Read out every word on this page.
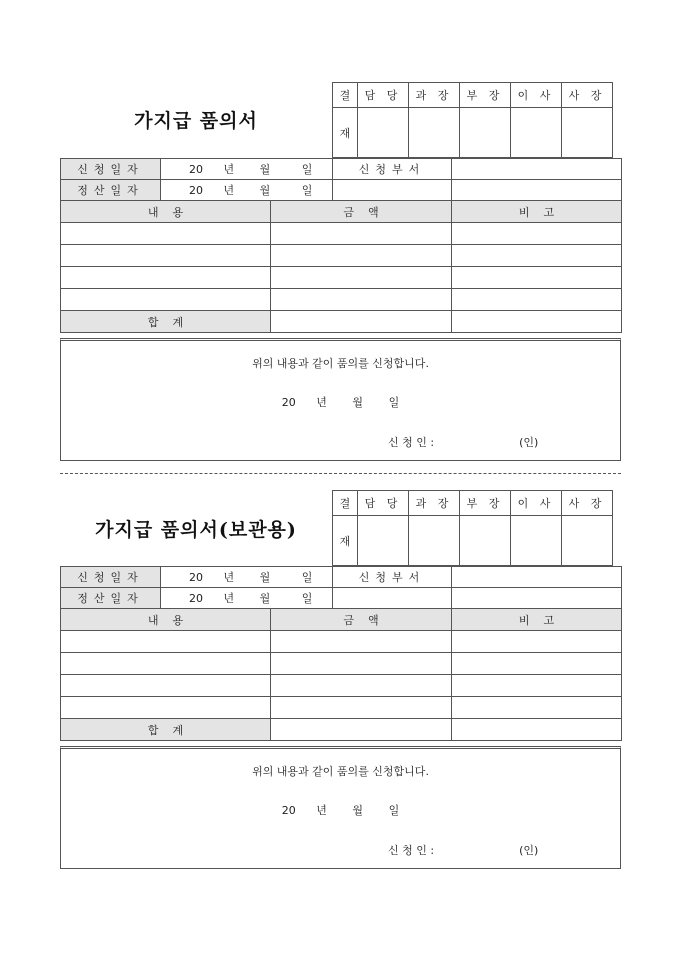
가지급 품의서
결	담 당	과 장	부 장	이 사	사 장
재					
신청일자	20 년 월 일		신청부서	
정산일자	20 년 월 일			
내    용		금    액		비    고

합    계				
위의 내용과 같이 품의를 신청합니다.
20 년 월 일
신 청 인 :	(인)
가지급 품의서(보관용)
결	담 당	과 장	부 장	이 사	사 장
재					
신청일자	20 년 월 일		신청부서	
정산일자	20 년 월 일			
내    용		금    액		비    고

합    계				
위의 내용과 같이 품의를 신청합니다.
20 년 월 일
신 청 인 :	(인)
